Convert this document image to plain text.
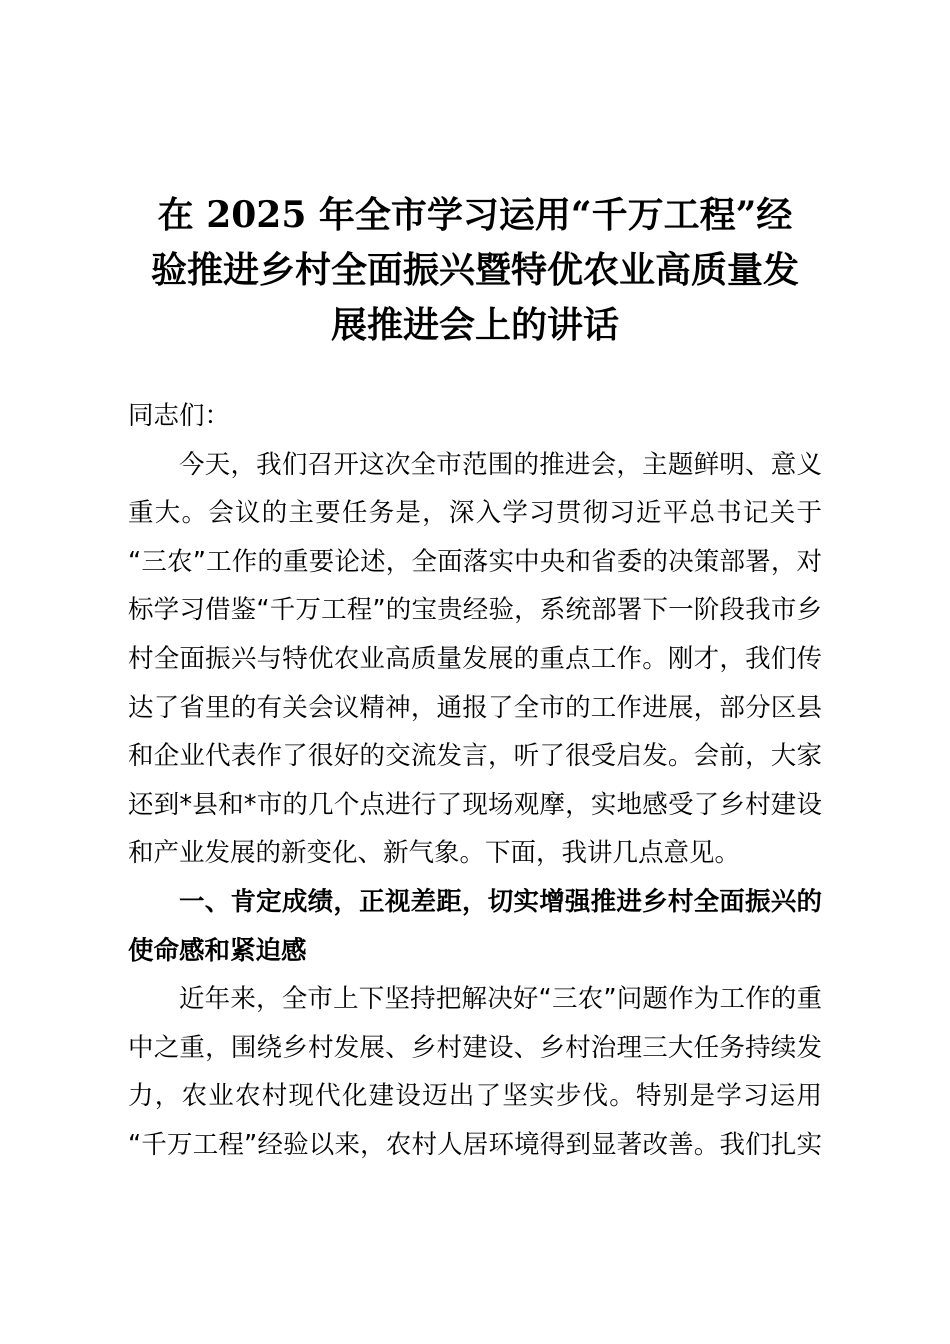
在 2025 年全市学习运用“千万工程”经
验推进乡村全面振兴暨特优农业高质量发
展推进会上的讲话
同志们：
今天，我们召开这次全市范围的推进会，主题鲜明、意义
重大。会议的主要任务是，深入学习贯彻习近平总书记关于
“三农”工作的重要论述，全面落实中央和省委的决策部署，对
标学习借鉴“千万工程”的宝贵经验，系统部署下一阶段我市乡
村全面振兴与特优农业高质量发展的重点工作。刚才，我们传
达了省里的有关会议精神，通报了全市的工作进展，部分区县
和企业代表作了很好的交流发言，听了很受启发。会前，大家
还到*县和*市的几个点进行了现场观摩，实地感受了乡村建设
和产业发展的新变化、新气象。下面，我讲几点意见。
一、肯定成绩，正视差距，切实增强推进乡村全面振兴的
使命感和紧迫感
近年来，全市上下坚持把解决好“三农”问题作为工作的重
中之重，围绕乡村发展、乡村建设、乡村治理三大任务持续发
力，农业农村现代化建设迈出了坚实步伐。特别是学习运用
“千万工程”经验以来，农村人居环境得到显著改善。我们扎实
